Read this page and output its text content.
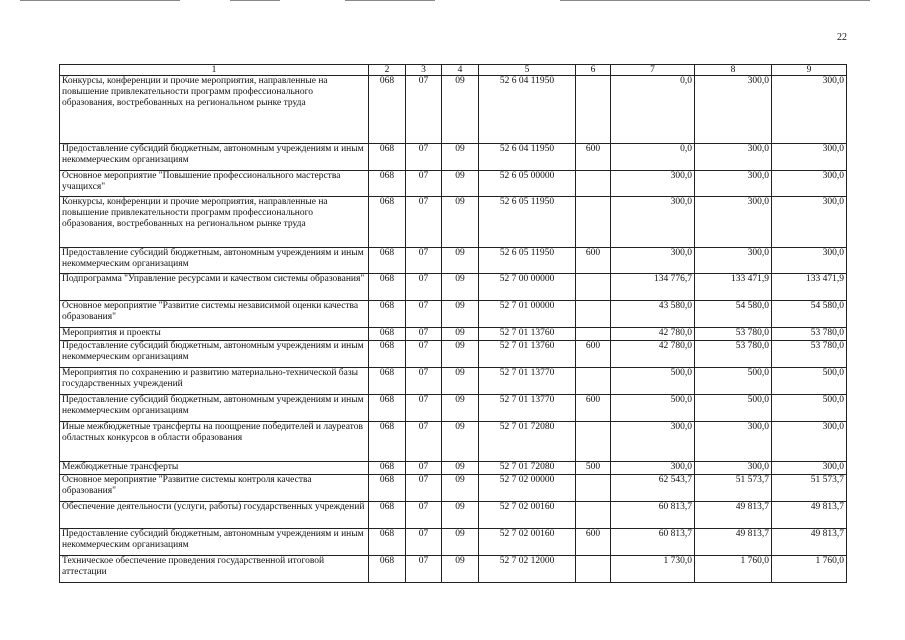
22
1	2	3	4	5	6	7	8	9
Конкурсы, конференции и прочие мероприятия, направленные на повышение привлекательности программ профессионального образования, востребованных на региональном рынке труда	068	07	09	52 6 04 11950		0,0	300,0	300,0
Предоставление субсидий бюджетным, автономным учреждениям и иным некоммерческим организациям	068	07	09	52 6 04 11950	600	0,0	300,0	300,0
Основное мероприятие "Повышение профессионального мастерства учащихся"	068	07	09	52 6 05 00000		300,0	300,0	300,0
Конкурсы, конференции и прочие мероприятия, направленные на повышение привлекательности программ профессионального образования, востребованных на региональном рынке труда	068	07	09	52 6 05 11950		300,0	300,0	300,0
Предоставление субсидий бюджетным, автономным учреждениям и иным некоммерческим организациям	068	07	09	52 6 05 11950	600	300,0	300,0	300,0
Подпрограмма "Управление ресурсами и качеством системы образования"	068	07	09	52 7 00 00000		134 776,7	133 471,9	133 471,9
Основное мероприятие "Развитие системы независимой оценки качества образования"	068	07	09	52 7 01 00000		43 580,0	54 580,0	54 580,0
Мероприятия и проекты	068	07	09	52 7 01 13760		42 780,0	53 780,0	53 780,0
Предоставление субсидий бюджетным, автономным учреждениям и иным некоммерческим организациям	068	07	09	52 7 01 13760	600	42 780,0	53 780,0	53 780,0
Мероприятия по сохранению и развитию материально-технической базы государственных учреждений	068	07	09	52 7 01 13770		500,0	500,0	500,0
Предоставление субсидий бюджетным, автономным учреждениям и иным некоммерческим организациям	068	07	09	52 7 01 13770	600	500,0	500,0	500,0
Иные межбюджетные трансферты на поощрение победителей и лауреатов областных конкурсов в области образования	068	07	09	52 7 01 72080		300,0	300,0	300,0
Межбюджетные трансферты	068	07	09	52 7 01 72080	500	300,0	300,0	300,0
Основное мероприятие "Развитие системы контроля качества образования"	068	07	09	52 7 02 00000		62 543,7	51 573,7	51 573,7
Обеспечение деятельности (услуги, работы) государственных учреждений	068	07	09	52 7 02 00160		60 813,7	49 813,7	49 813,7
Предоставление субсидий бюджетным, автономным учреждениям и иным некоммерческим организациям	068	07	09	52 7 02 00160	600	60 813,7	49 813,7	49 813,7
Техническое обеспечение проведения государственной итоговой аттестации	068	07	09	52 7 02 12000		1 730,0	1 760,0	1 760,0
